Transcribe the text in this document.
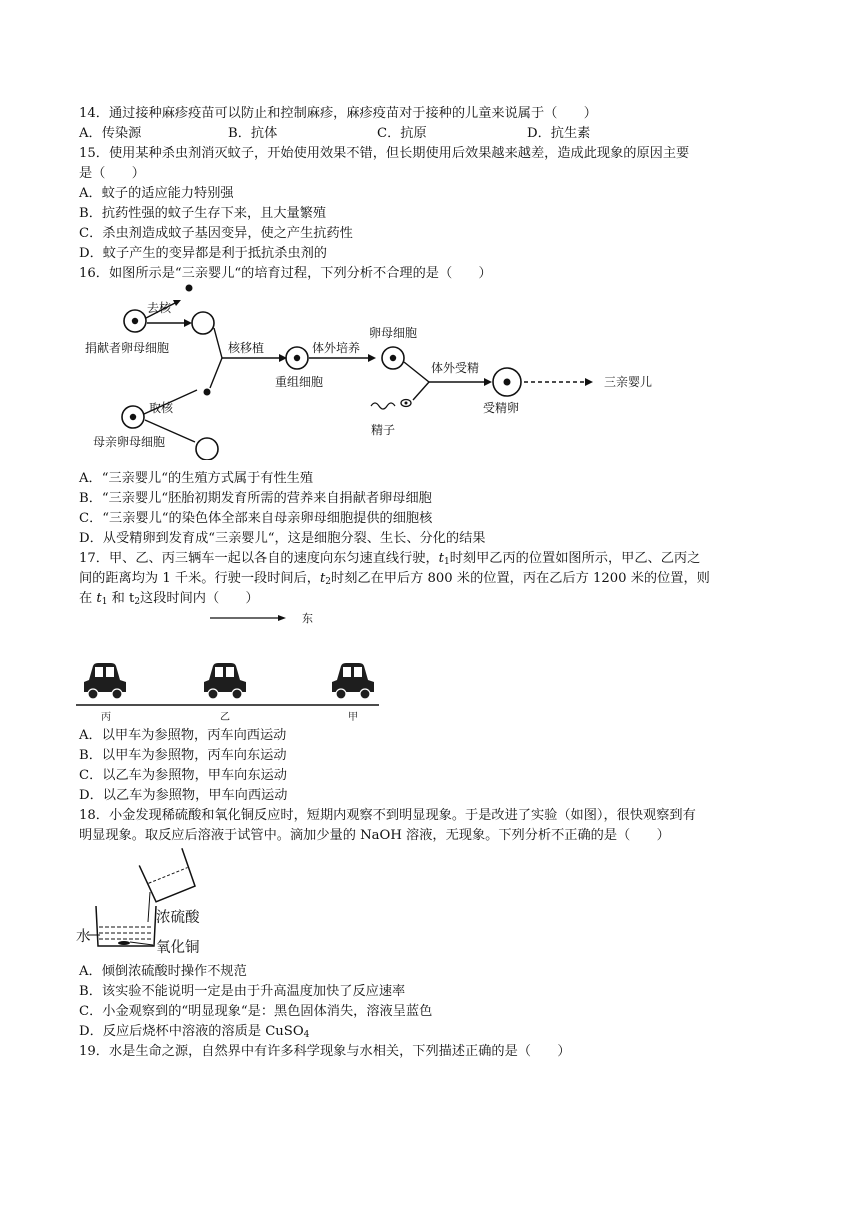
14．通过接种麻疹疫苗可以防止和控制麻疹，麻疹疫苗对于接种的儿童来说属于（　　）
A．传染源	B．抗体	C．抗原	D．抗生素
15．使用某种杀虫剂消灭蚊子，开始使用效果不错，但长期使用后效果越来越差，造成此现象的原因主要
是（　　）
A．蚊子的适应能力特别强
B．抗药性强的蚊子生存下来，且大量繁殖
C．杀虫剂造成蚊子基因变异，使之产生抗药性
D．蚊子产生的变异都是利于抵抗杀虫剂的
16．如图所示是“三亲婴儿“的培育过程，下列分析不合理的是（　　）
去核
捐献者卵母细胞
取核
母亲卵母细胞
核移植
重组细胞
体外培养
卵母细胞
精子
体外受精
受精卵
三亲婴儿
A．“三亲婴儿“的生殖方式属于有性生殖
B．“三亲婴儿“胚胎初期发育所需的营养来自捐献者卵母细胞
C．“三亲婴儿“的染色体全部来自母亲卵母细胞提供的细胞核
D．从受精卵到发育成“三亲婴儿“，这是细胞分裂、生长、分化的结果
17．甲、乙、丙三辆车一起以各自的速度向东匀速直线行驶，$t_1$时刻甲乙丙的位置如图所示，甲乙、乙丙之
间的距离均为 1 千米。行驶一段时间后，$t_2$时刻乙在甲后方 800 米的位置，丙在乙后方 1200 米的位置，则
在 $t_1$ 和 $t_2$这段时间内（　　）
东
丙	乙	甲
A．以甲车为参照物，丙车向西运动
B．以甲车为参照物，丙车向东运动
C．以乙车为参照物，甲车向东运动
D．以乙车为参照物，甲车向西运动
18．小金发现稀硫酸和氧化铜反应时，短期内观察不到明显现象。于是改进了实验（如图），很快观察到有
明显现象。取反应后溶液于试管中。滴加少量的 NaOH 溶液，无现象。下列分析不正确的是（　　）
浓硫酸
水
氧化铜
A．倾倒浓硫酸时操作不规范
B．该实验不能说明一定是由于升高温度加快了反应速率
C．小金观察到的“明显现象“是：黑色固体消失，溶液呈蓝色
D．反应后烧杯中溶液的溶质是 CuSO$_4$
19．水是生命之源，自然界中有许多科学现象与水相关，下列描述正确的是（　　）
